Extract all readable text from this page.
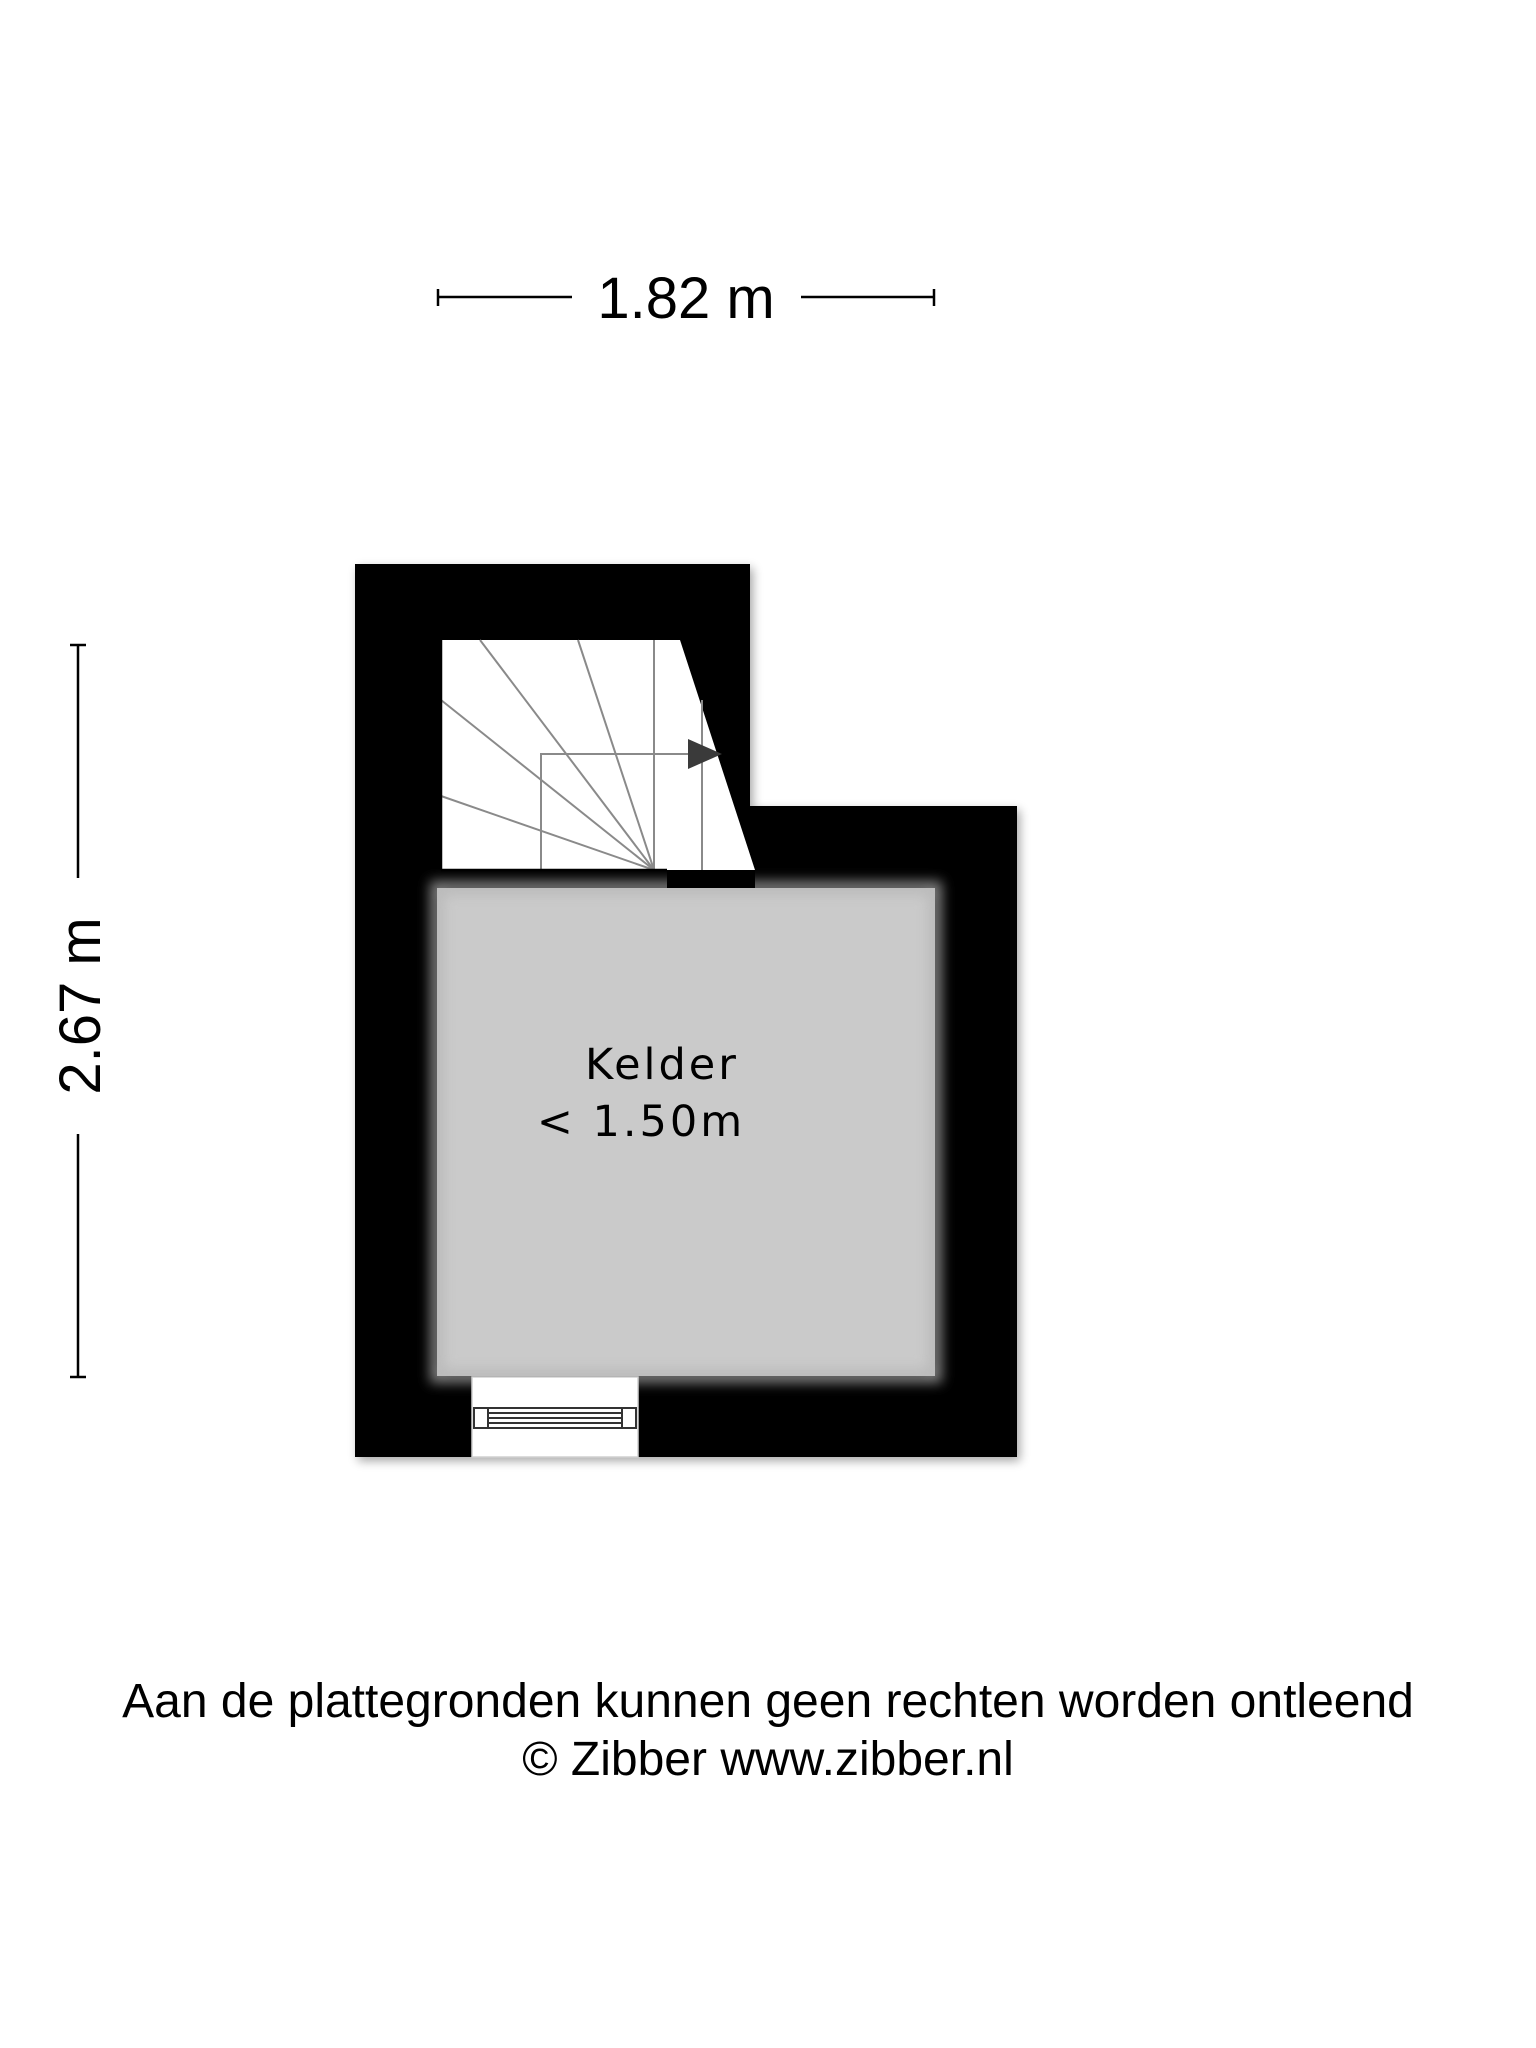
1.82 m
2.67 m	Kelder
< 1.50m
Aan de plattegronden kunnen geen rechten worden ontleend
© Zibber www.zibber.nl
